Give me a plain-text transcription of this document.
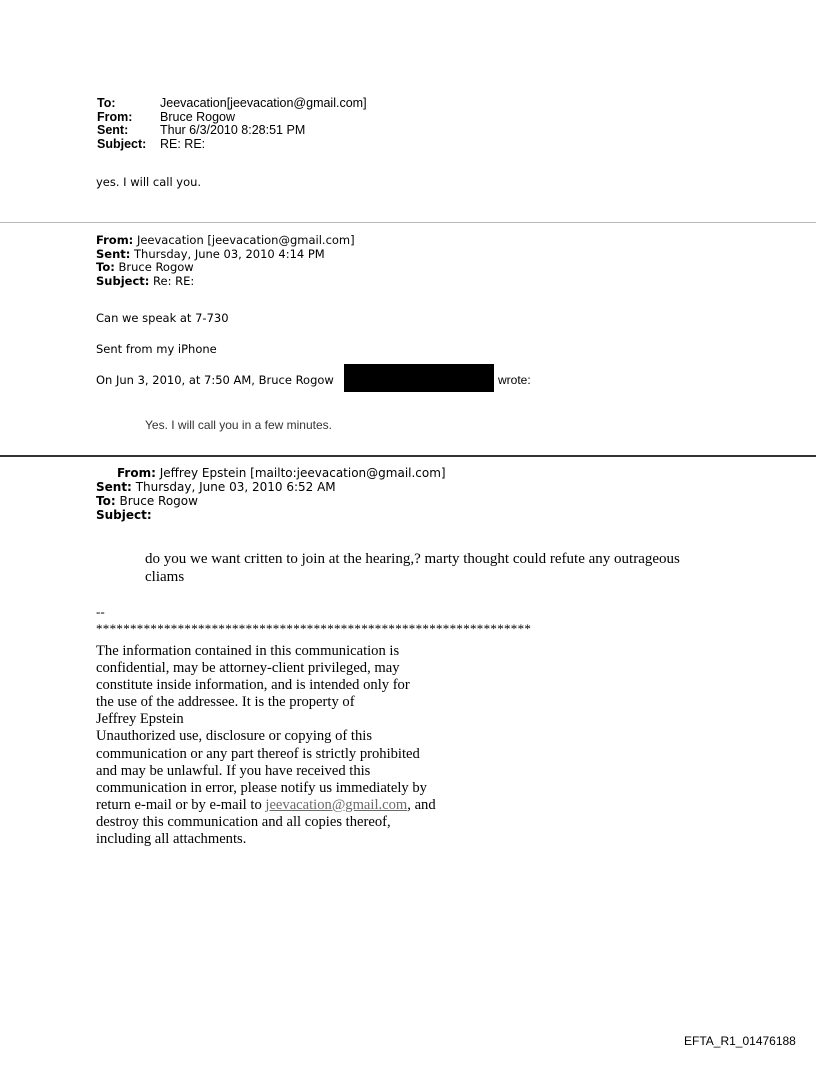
To:	Jeevacation[jeevacation@gmail.com]
From:	Bruce Rogow
Sent:	Thur 6/3/2010 8:28:51 PM
Subject:	RE: RE:
yes. I will call you.
From: Jeevacation [jeevacation@gmail.com]
Sent: Thursday, June 03, 2010 4:14 PM
To: Bruce Rogow
Subject: Re: RE:
Can we speak at 7-730
Sent from my iPhone
On Jun 3, 2010, at 7:50 AM, Bruce Rogow	wrote:
Yes. I will call you in a few minutes.
From: Jeffrey Epstein [mailto:jeevacation@gmail.com]
Sent: Thursday, June 03, 2010 6:52 AM
To: Bruce Rogow
Subject:
do you we want critten to join at the hearing,? marty thought could refute any outrageous cliams
--
****************************************************************
The information contained in this communication is
confidential, may be attorney-client privileged, may
constitute inside information, and is intended only for
the use of the addressee. It is the property of
Jeffrey Epstein
Unauthorized use, disclosure or copying of this
communication or any part thereof is strictly prohibited
and may be unlawful. If you have received this
communication in error, please notify us immediately by
return e-mail or by e-mail to jeevacation@gmail.com, and
destroy this communication and all copies thereof,
including all attachments.
EFTA_R1_01476188
